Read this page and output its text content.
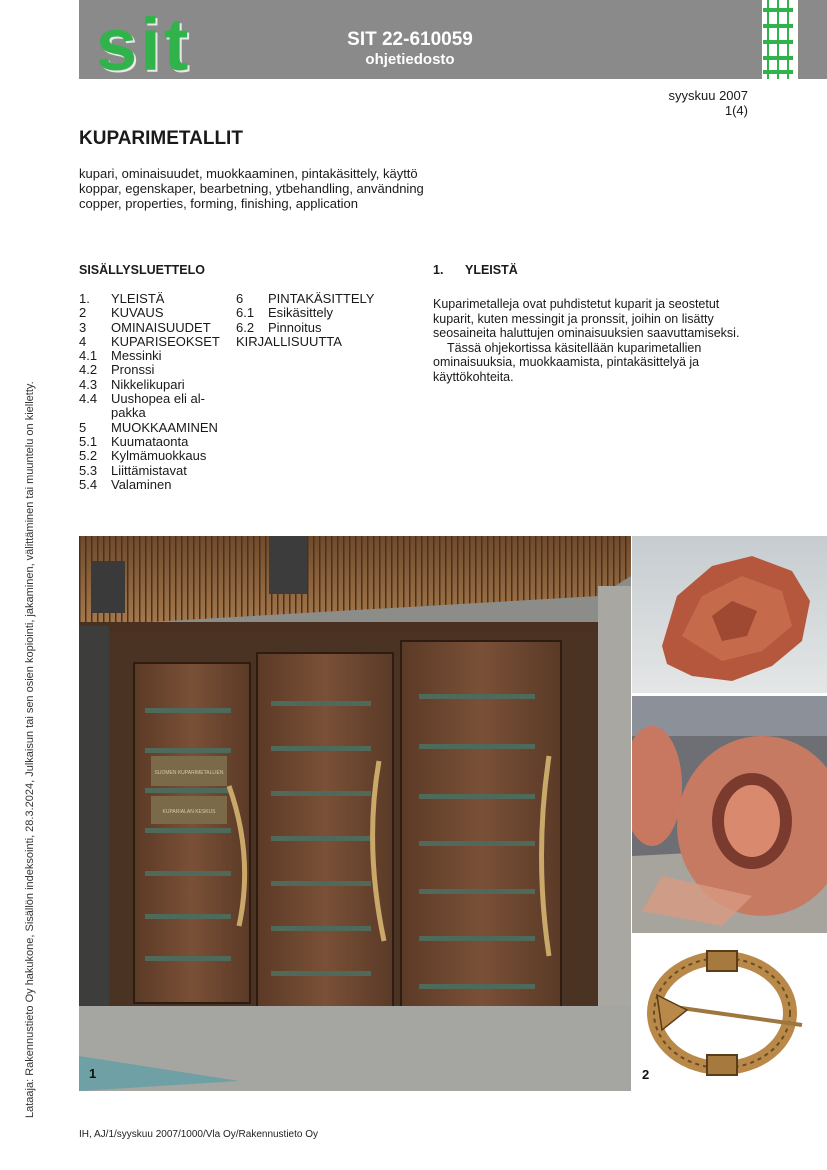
sit	SIT 22-610059
ohjetiedosto
syyskuu 2007
1(4)
KUPARIMETALLIT
kupari, ominaisuudet, muokkaaminen, pintakäsittely, käyttö
koppar, egenskaper, bearbetning, ytbehandling, användning
copper, properties, forming, finishing, application
SISÄLLYSLUETTELO
1.	YLEISTÄ
2	KUVAUS
3	OMINAISUUDET
4	KUPARISEOKSET
4.1	Messinki
4.2	Pronssi
4.3	Nikkelikupari
4.4	Uushopea eli al-pakka
5	MUOKKAAMINEN
5.1	Kuumataonta
5.2	Kylmämuokkaus
5.3	Liittämistavat
5.4	Valaminen
6	PINTAKÄSITTELY
6.1	Esikäsittely
6.2	Pinnoitus
KIRJALLISUUTTA
1. YLEISTÄ

Kuparimetalleja ovat puhdistetut kuparit ja seostetut kuparit, kuten messingit ja pronssit, joihin on lisätty seosaineita haluttujen ominaisuuksien saavuttamiseksi.

Tässä ohjekortissa käsitellään kuparimetallien ominaisuuksia, muokkaamista, pintakäsittelyä ja käyttökohteita.

Lataaja: Rakennustieto Oy hakukone, Sisällön indeksointi, 28.3.2024, Julkaisun tai sen osien kopiointi, jakaminen, välittäminen tai muuntelu on kielletty.	SUOMEN KUPARIMETALLIEN
KUPARIALAN KESKUS
1	2
IH, AJ/1/syyskuu 2007/1000/Vla Oy/Rakennustieto Oy
